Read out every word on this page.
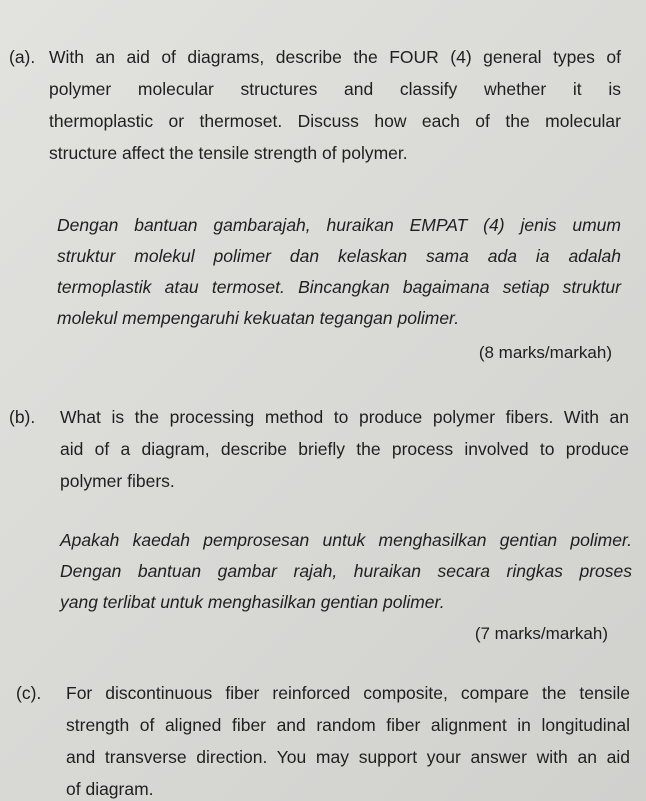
(a). With an aid of diagrams, describe the FOUR (4) general types of
polymer molecular structures and classify whether it is
thermoplastic or thermoset. Discuss how each of the molecular
structure affect the tensile strength of polymer.
Dengan bantuan gambarajah, huraikan EMPAT (4) jenis umum
struktur molekul polimer dan kelaskan sama ada ia adalah
termoplastik atau termoset. Bincangkan bagaimana setiap struktur
molekul mempengaruhi kekuatan tegangan polimer.
(8 marks/markah)
(b). What is the processing method to produce polymer fibers. With an
aid of a diagram, describe briefly the process involved to produce
polymer fibers.
Apakah kaedah pemprosesan untuk menghasilkan gentian polimer.
Dengan bantuan gambar rajah, huraikan secara ringkas proses
yang terlibat untuk menghasilkan gentian polimer.
(7 marks/markah)
(c). For discontinuous fiber reinforced composite, compare the tensile
strength of aligned fiber and random fiber alignment in longitudinal
and transverse direction. You may support your answer with an aid
of diagram.
